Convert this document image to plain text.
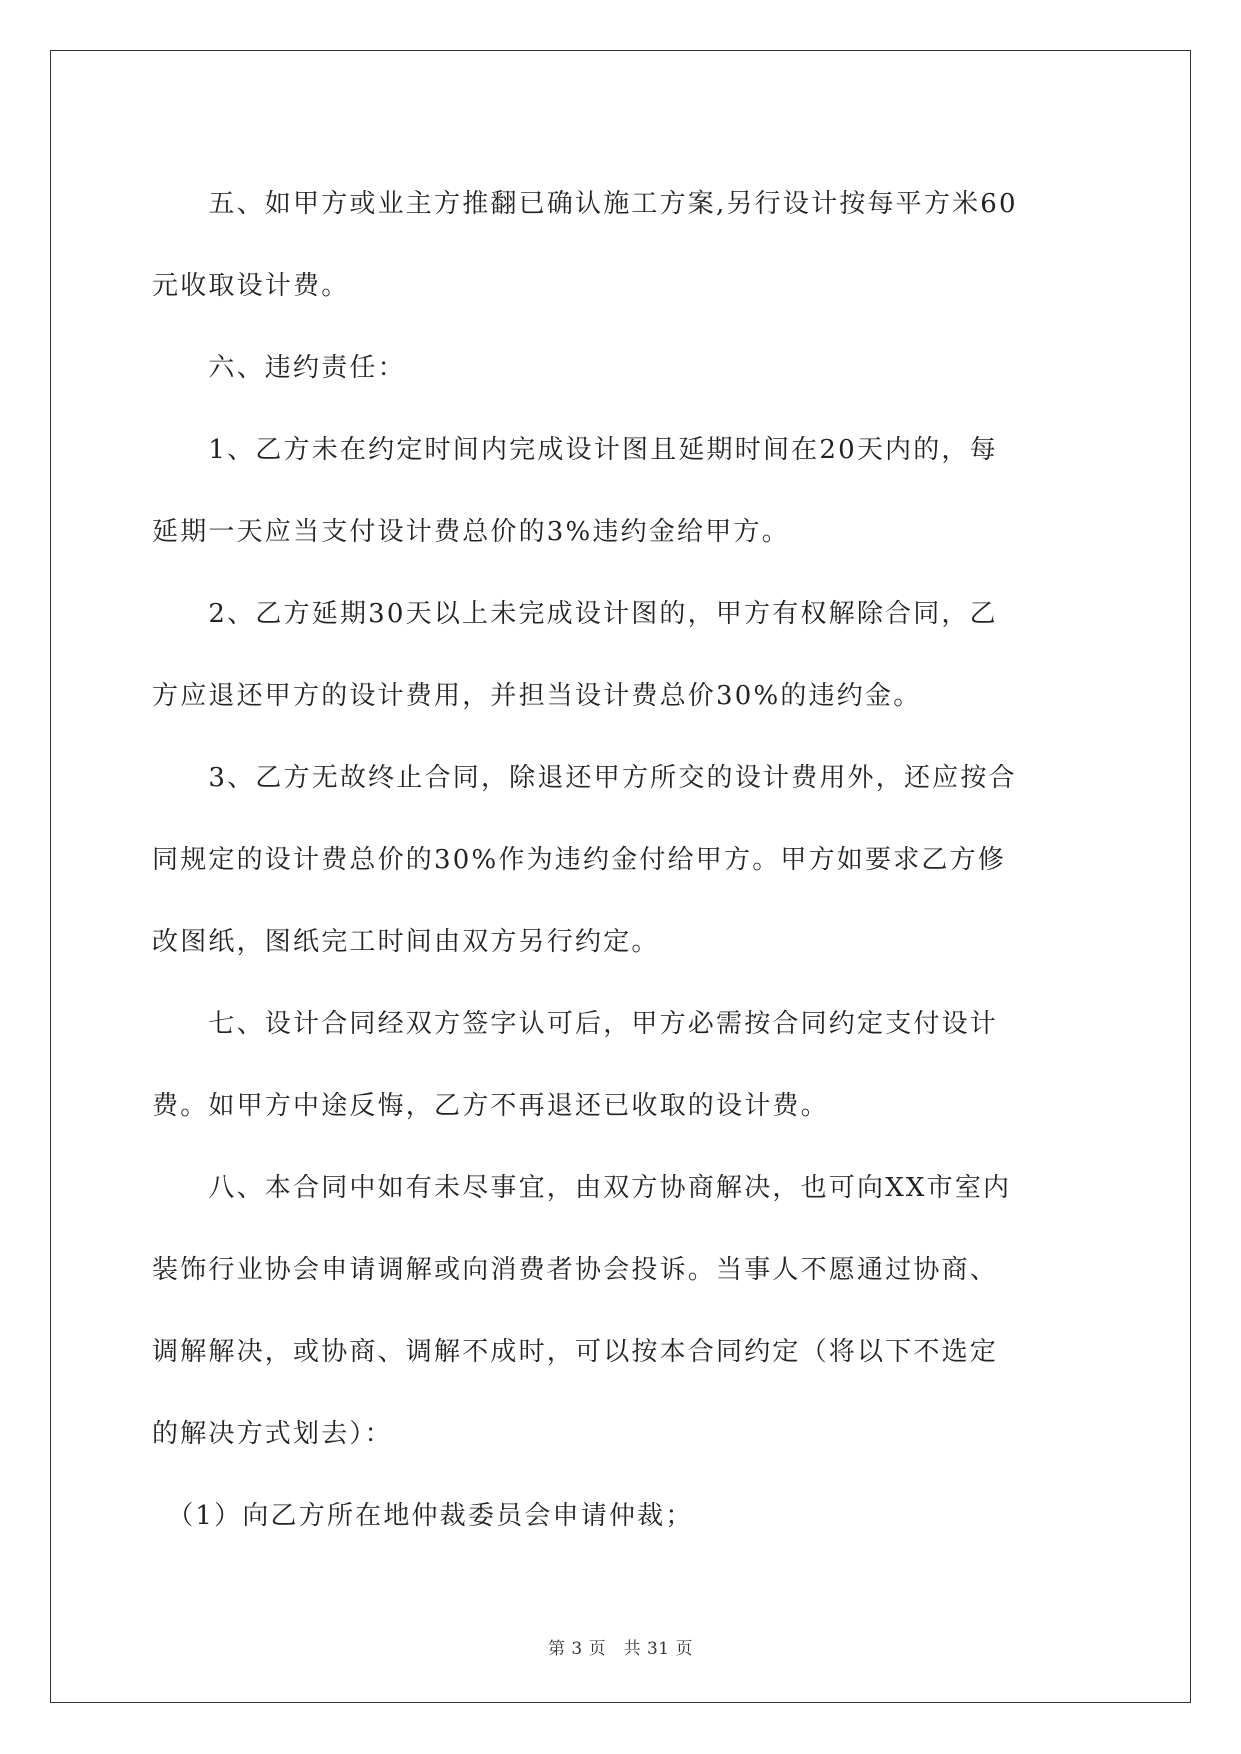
　　五、如甲方或业主方推翻已确认施工方案,另行设计按每平方米60
元收取设计费。

　　六、违约责任：

　　1、乙方未在约定时间内完成设计图且延期时间在20天内的，每
延期一天应当支付设计费总价的3%违约金给甲方。

　　2、乙方延期30天以上未完成设计图的，甲方有权解除合同，乙
方应退还甲方的设计费用，并担当设计费总价30%的违约金。

　　3、乙方无故终止合同，除退还甲方所交的设计费用外，还应按合
同规定的设计费总价的30%作为违约金付给甲方。甲方如要求乙方修
改图纸，图纸完工时间由双方另行约定。

　　七、设计合同经双方签字认可后，甲方必需按合同约定支付设计
费。如甲方中途反悔，乙方不再退还已收取的设计费。

　　八、本合同中如有未尽事宜，由双方协商解决，也可向XX市室内
装饰行业协会申请调解或向消费者协会投诉。当事人不愿通过协商、
调解解决，或协商、调解不成时，可以按本合同约定（将以下不选定
的解决方式划去）：

　（1）向乙方所在地仲裁委员会申请仲裁；

第 3 页　共 31 页
